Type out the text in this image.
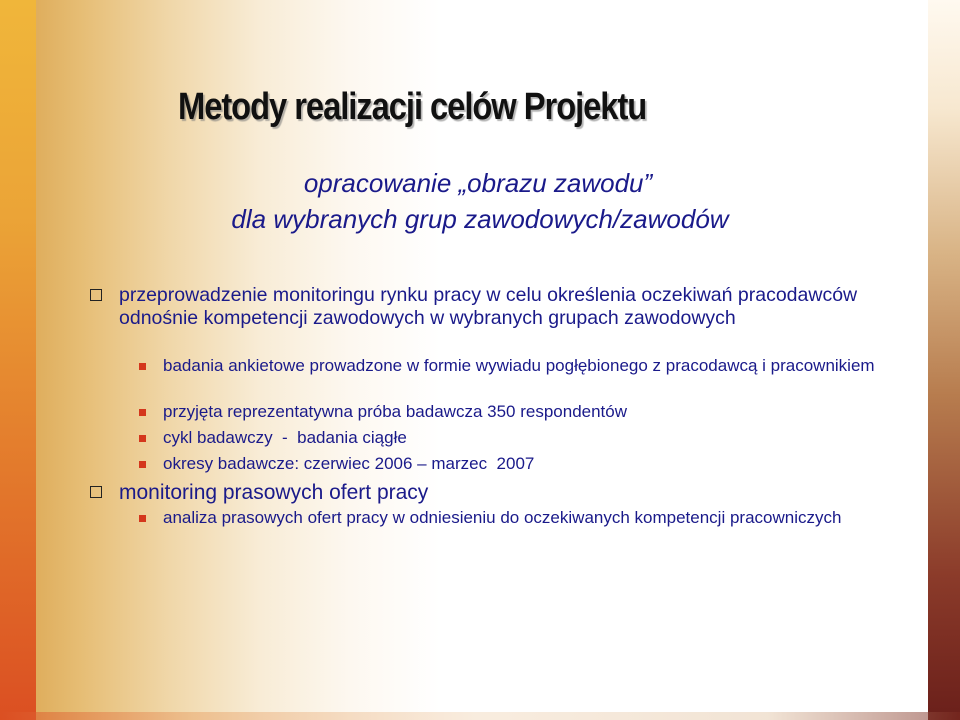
Metody realizacji celów Projektu

opracowanie „obrazu zawodu”

dla wybranych grup zawodowych/zawodów

przeprowadzenie monitoringu rynku pracy w celu określenia oczekiwań pracodawców odnośnie kompetencji zawodowych w wybranych grupach zawodowych

badania ankietowe prowadzone w formie wywiadu pogłębionego z pracodawcą i pracownikiem

przyjęta reprezentatywna próba badawcza 350 respondentów

cykl badawczy  -  badania ciągłe

okresy badawcze: czerwiec 2006 – marzec  2007

monitoring prasowych ofert pracy

analiza prasowych ofert pracy w odniesieniu do oczekiwanych kompetencji pracowniczych
